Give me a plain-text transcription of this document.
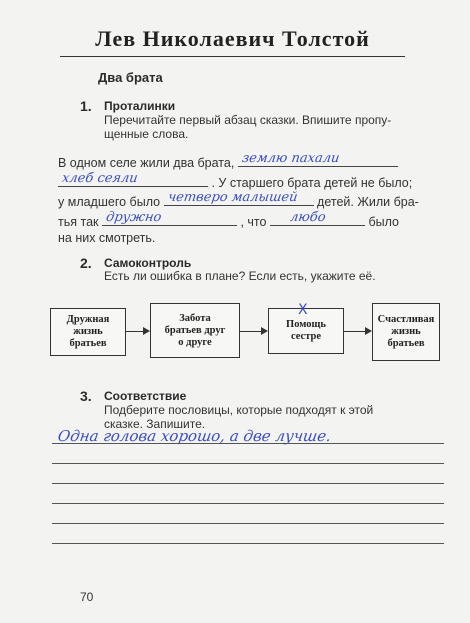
Лев Николаевич Толстой
Два брата
1. Проталинки
Перечитайте первый абзац сказки. Впишите пропу-
щенные слова.
В одном селе жили два брата, землю пахали
хлеб сеяли	. У старшего брата детей не было;
у младшего было четверо малышей детей. Жили бра-
тья так дружно	, что любо	было
на них смотреть.
2. Самоконтроль
Есть ли ошибка в плане? Если есть, укажите её.
Дружная
жизнь
братьев
Забота
братьев друг
о друге
Помощь
сестре
Счастливая
жизнь
братьев
X
3. Соответствие
Подберите пословицы, которые подходят к этой
сказке. Запишите.
Одна голова хорошо, а две лучше.
70
